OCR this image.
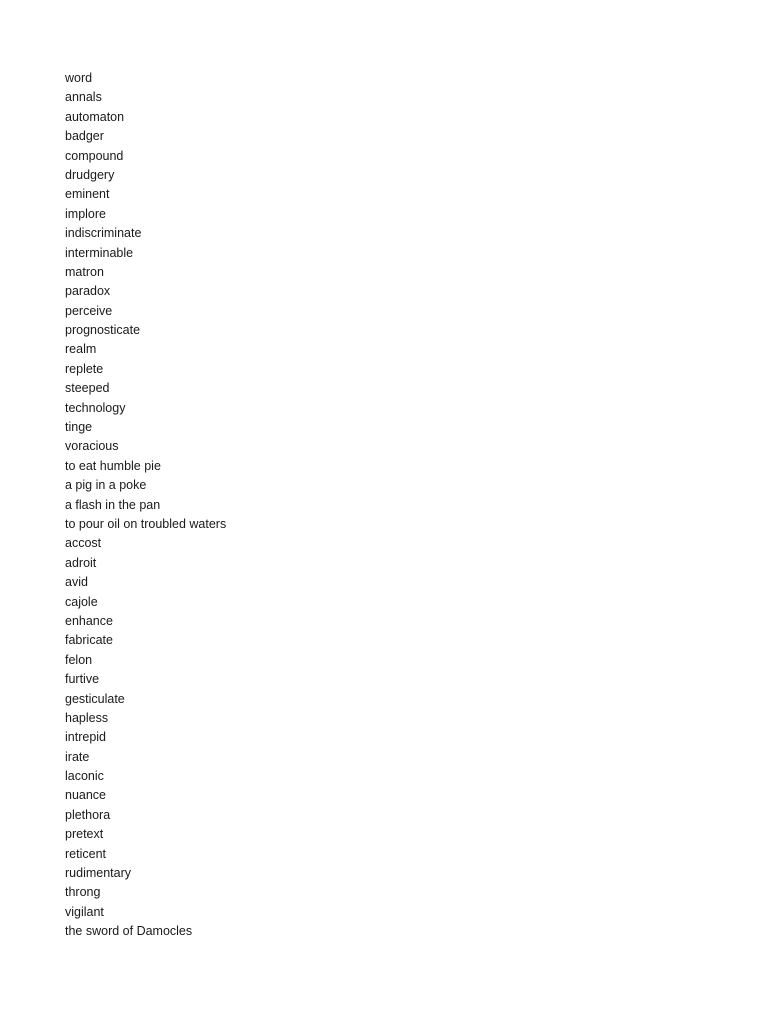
word
annals
automaton
badger
compound
drudgery
eminent
implore
indiscriminate
interminable
matron
paradox
perceive
prognosticate
realm
replete
steeped
technology
tinge
voracious
to eat humble pie
a pig in a poke
a flash in the pan
to pour oil on troubled waters
accost
adroit
avid
cajole
enhance
fabricate
felon
furtive
gesticulate
hapless
intrepid
irate
laconic
nuance
plethora
pretext
reticent
rudimentary
throng
vigilant
the sword of Damocles
